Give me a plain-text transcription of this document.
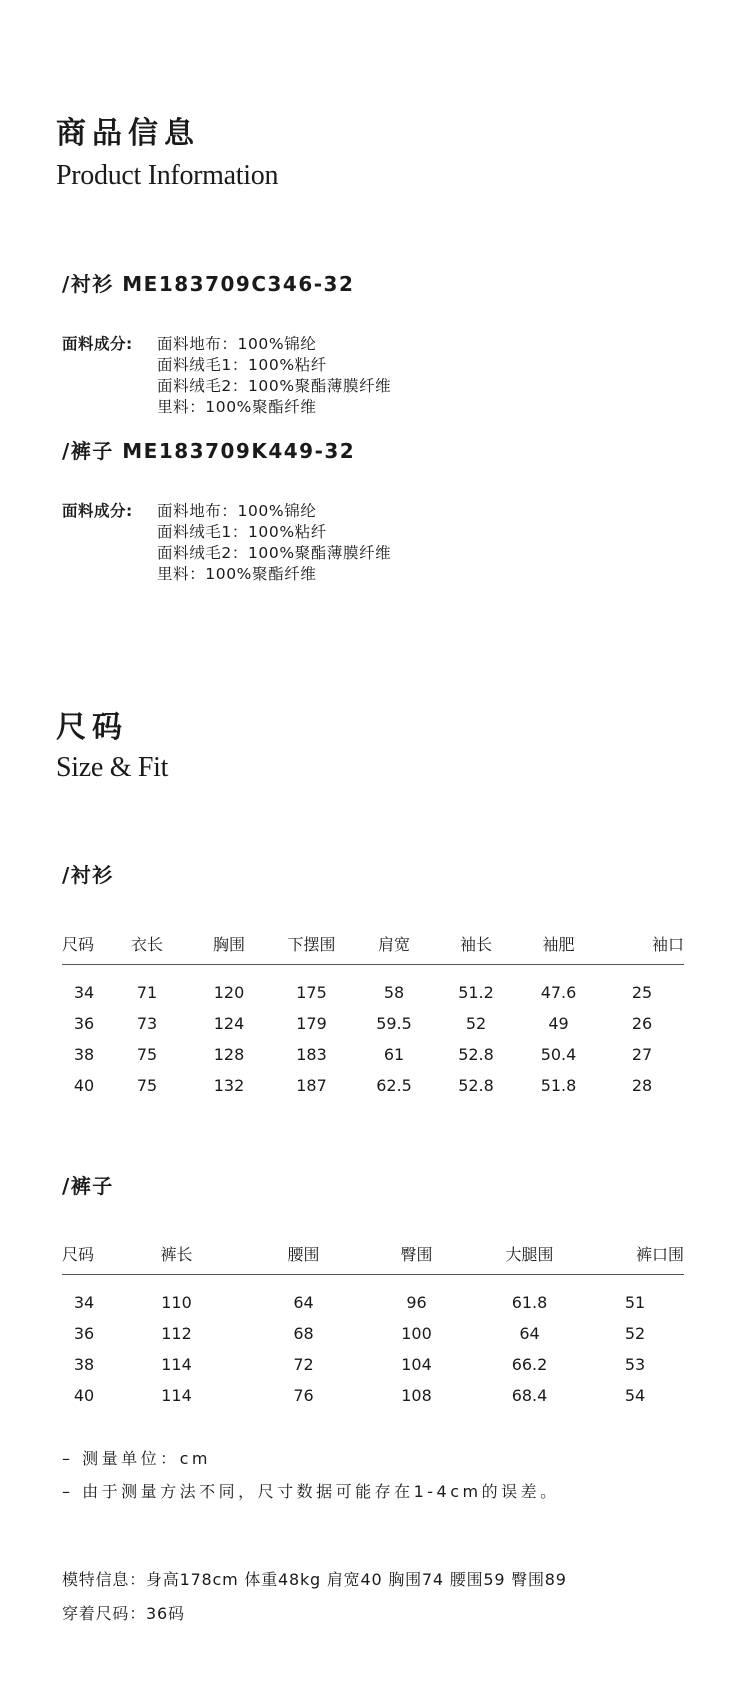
商品信息
Product Information
/衬衫 ME183709C346-32
面料成分: 面料地布：100%锦纶
面料绒毛1：100%粘纤
面料绒毛2：100%聚酯薄膜纤维
里料：100%聚酯纤维
/裤子 ME183709K449-32
面料成分: 面料地布：100%锦纶
面料绒毛1：100%粘纤
面料绒毛2：100%聚酯薄膜纤维
里料：100%聚酯纤维
尺码
Size & Fit
/衬衫
尺码	衣长	胸围	下摆围	肩宽	袖长	袖肥	袖口
34	71	120	175	58	51.2	47.6	25
36	73	124	179	59.5	52	49	26
38	75	128	183	61	52.8	50.4	27
40	75	132	187	62.5	52.8	51.8	28
/裤子
尺码	裤长	腰围	臀围	大腿围	裤口围
34	110	64	96	61.8	51
36	112	68	100	64	52
38	114	72	104	66.2	53
40	114	76	108	68.4	54
– 测量单位：cm
– 由于测量方法不同，尺寸数据可能存在1-4cm的误差。
模特信息：身高178cm 体重48kg 肩宽40 胸围74 腰围59 臀围89
穿着尺码：36码
